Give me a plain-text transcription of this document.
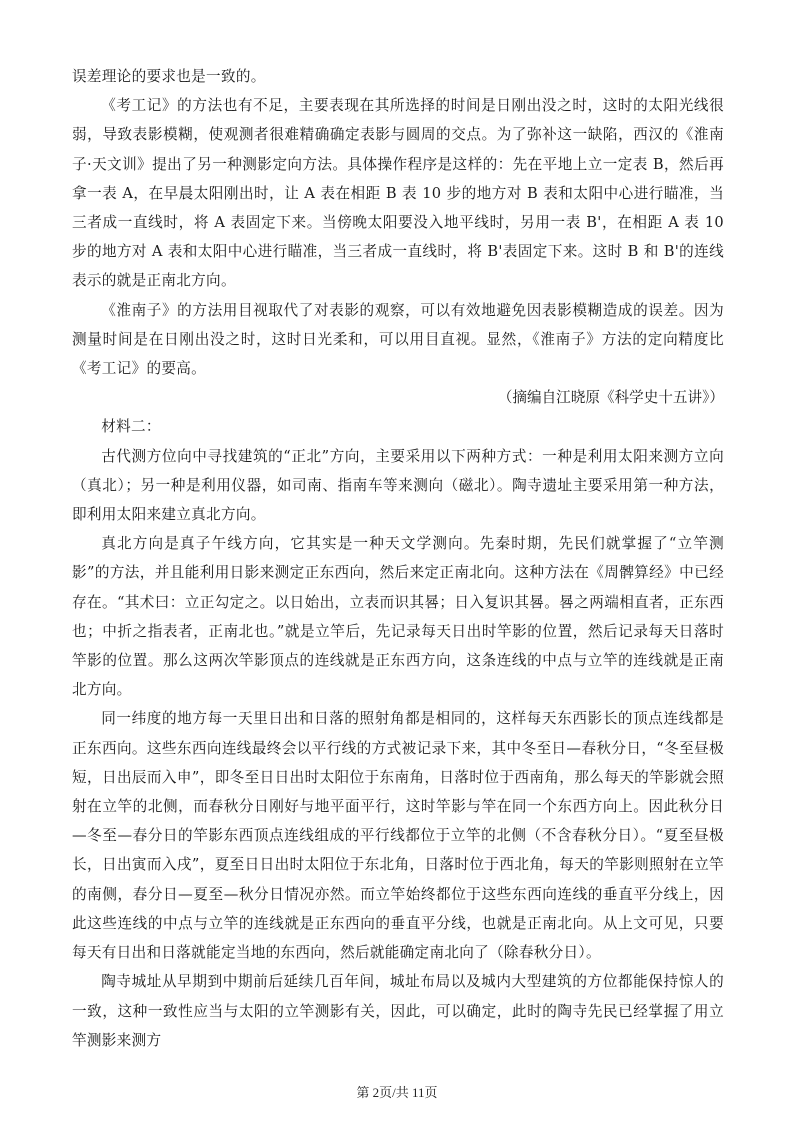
误差理论的要求也是一致的。

《考工记》的方法也有不足，主要表现在其所选择的时间是日刚出没之时，这时的太阳光线很弱，导致表影模糊，使观测者很难精确确定表影与圆周的交点。为了弥补这一缺陷，西汉的《淮南子·天文训》提出了另一种测影定向方法。具体操作程序是这样的：先在平地上立一定表 B，然后再拿一表 A，在早晨太阳刚出时，让 A 表在相距 B 表 10 步的地方对 B 表和太阳中心进行瞄准，当三者成一直线时，将 A 表固定下来。当傍晚太阳要没入地平线时，另用一表 B'，在相距 A 表 10 步的地方对 A 表和太阳中心进行瞄准，当三者成一直线时，将 B'表固定下来。这时 B 和 B'的连线表示的就是正南北方向。

《淮南子》的方法用目视取代了对表影的观察，可以有效地避免因表影模糊造成的误差。因为测量时间是在日刚出没之时，这时日光柔和，可以用目直视。显然，《淮南子》方法的定向精度比《考工记》的要高。

（摘编自江晓原《科学史十五讲》）

材料二：

古代测方位向中寻找建筑的“正北”方向，主要采用以下两种方式：一种是利用太阳来测方立向（真北）；另一种是利用仪器，如司南、指南车等来测向（磁北）。陶寺遗址主要采用第一种方法，即利用太阳来建立真北方向。

真北方向是真子午线方向，它其实是一种天文学测向。先秦时期，先民们就掌握了“立竿测影”的方法，并且能利用日影来测定正东西向，然后来定正南北向。这种方法在《周髀算经》中已经存在。“其术曰：立正勾定之。以日始出，立表而识其晷；日入复识其晷。晷之两端相直者，正东西也；中折之指表者，正南北也。”就是立竿后，先记录每天日出时竿影的位置，然后记录每天日落时竿影的位置。那么这两次竿影顶点的连线就是正东西方向，这条连线的中点与立竿的连线就是正南北方向。

同一纬度的地方每一天里日出和日落的照射角都是相同的，这样每天东西影长的顶点连线都是正东西向。这些东西向连线最终会以平行线的方式被记录下来，其中冬至日—春秋分日，“冬至昼极短，日出辰而入申”，即冬至日日出时太阳位于东南角，日落时位于西南角，那么每天的竿影就会照射在立竿的北侧，而春秋分日刚好与地平面平行，这时竿影与竿在同一个东西方向上。因此秋分日—冬至—春分日的竿影东西顶点连线组成的平行线都位于立竿的北侧（不含春秋分日）。“夏至昼极长，日出寅而入戌”，夏至日日出时太阳位于东北角，日落时位于西北角，每天的竿影则照射在立竿的南侧，春分日—夏至—秋分日情况亦然。而立竿始终都位于这些东西向连线的垂直平分线上，因此这些连线的中点与立竿的连线就是正东西向的垂直平分线，也就是正南北向。从上文可见，只要每天有日出和日落就能定当地的东西向，然后就能确定南北向了（除春秋分日）。

陶寺城址从早期到中期前后延续几百年间，城址布局以及城内大型建筑的方位都能保持惊人的一致，这种一致性应当与太阳的立竿测影有关，因此，可以确定，此时的陶寺先民已经掌握了用立竿测影来测方

第 2页/共 11页
